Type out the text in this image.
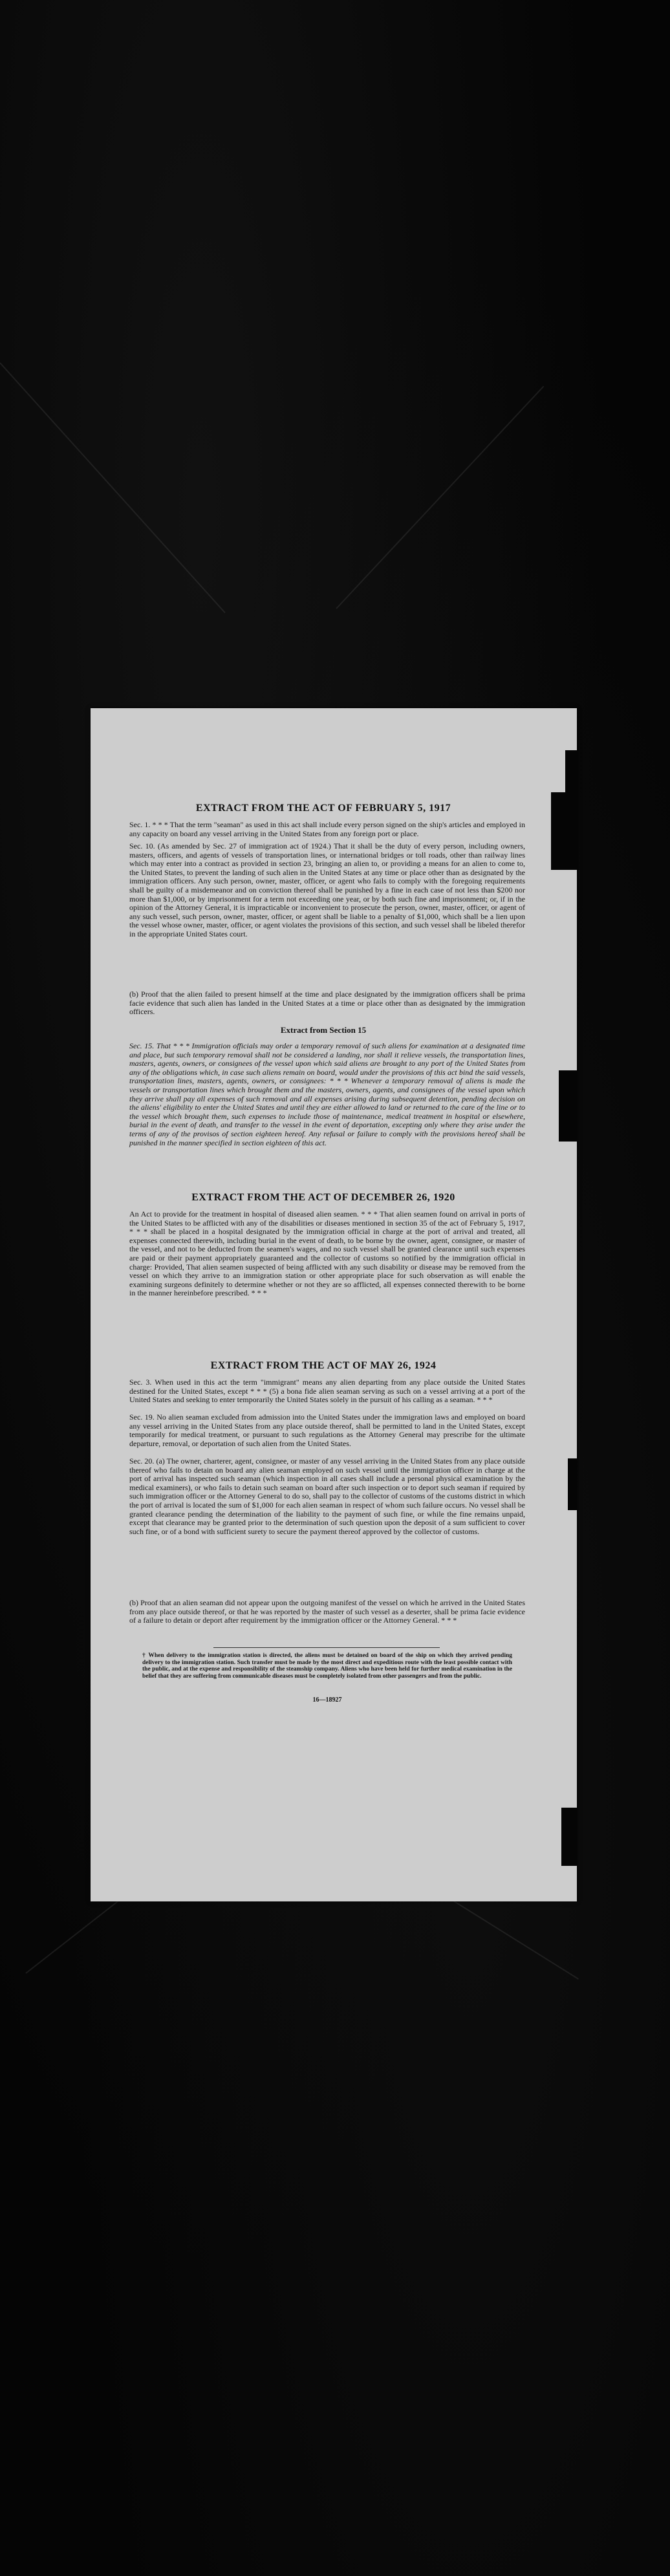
EXTRACT FROM THE ACT OF FEBRUARY 5, 1917

Sec. 1. * * * That the term "seaman" as used in this act shall include every person signed on the ship's articles and employed in any capacity on board any vessel arriving in the United States from any foreign port or place.

Sec. 10. (As amended by Sec. 27 of immigration act of 1924.) That it shall be the duty of every person, including owners, masters, officers, and agents of vessels of transportation lines, or international bridges or toll roads, other than railway lines which may enter into a contract as provided in section 23, bringing an alien to, or providing a means for an alien to come to, the United States, to prevent the landing of such alien in the United States at any time or place other than as designated by the immigration officers. Any such person, owner, master, officer, or agent who fails to comply with the foregoing requirements shall be guilty of a misdemeanor and on conviction thereof shall be punished by a fine in each case of not less than $200 nor more than $1,000, or by imprisonment for a term not exceeding one year, or by both such fine and imprisonment; or, if in the opinion of the Attorney General, it is impracticable or inconvenient to prosecute the person, owner, master, officer, or agent of any such vessel, such person, owner, master, officer, or agent shall be liable to a penalty of $1,000, which shall be a lien upon the vessel whose owner, master, officer, or agent violates the provisions of this section, and such vessel shall be libeled therefor in the appropriate United States court.

(b) Proof that the alien failed to present himself at the time and place designated by the immigration officers shall be prima facie evidence that such alien has landed in the United States at a time or place other than as designated by the immigration officers.

Extract from Section 15

Sec. 15. That * * * Immigration officials may order a temporary removal of such aliens for examination at a designated time and place, but such temporary removal shall not be considered a landing, nor shall it relieve vessels, the transportation lines, masters, agents, owners, or consignees of the vessel upon which said aliens are brought to any port of the United States from any of the obligations which, in case such aliens remain on board, would under the provisions of this act bind the said vessels, transportation lines, masters, agents, owners, or consignees: * * * Whenever a temporary removal of aliens is made the vessels or transportation lines which brought them and the masters, owners, agents, and consignees of the vessel upon which they arrive shall pay all expenses of such removal and all expenses arising during subsequent detention, pending decision on the aliens' eligibility to enter the United States and until they are either allowed to land or returned to the care of the line or to the vessel which brought them, such expenses to include those of maintenance, medical treatment in hospital or elsewhere, burial in the event of death, and transfer to the vessel in the event of deportation, excepting only where they arise under the terms of any of the provisos of section eighteen hereof. Any refusal or failure to comply with the provisions hereof shall be punished in the manner specified in section eighteen of this act.

EXTRACT FROM THE ACT OF DECEMBER 26, 1920

An Act to provide for the treatment in hospital of diseased alien seamen. * * * That alien seamen found on arrival in ports of the United States to be afflicted with any of the disabilities or diseases mentioned in section 35 of the act of February 5, 1917, * * * shall be placed in a hospital designated by the immigration official in charge at the port of arrival and treated, all expenses connected therewith, including burial in the event of death, to be borne by the owner, agent, consignee, or master of the vessel, and not to be deducted from the seamen's wages, and no such vessel shall be granted clearance until such expenses are paid or their payment appropriately guaranteed and the collector of customs so notified by the immigration official in charge: Provided, That alien seamen suspected of being afflicted with any such disability or disease may be removed from the vessel on which they arrive to an immigration station or other appropriate place for such observation as will enable the examining surgeons definitely to determine whether or not they are so afflicted, all expenses connected therewith to be borne in the manner hereinbefore prescribed. * * *

EXTRACT FROM THE ACT OF MAY 26, 1924

Sec. 3. When used in this act the term "immigrant" means any alien departing from any place outside the United States destined for the United States, except * * * (5) a bona fide alien seaman serving as such on a vessel arriving at a port of the United States and seeking to enter temporarily the United States solely in the pursuit of his calling as a seaman. * * *

Sec. 19. No alien seaman excluded from admission into the United States under the immigration laws and employed on board any vessel arriving in the United States from any place outside thereof, shall be permitted to land in the United States, except temporarily for medical treatment, or pursuant to such regulations as the Attorney General may prescribe for the ultimate departure, removal, or deportation of such alien from the United States.

Sec. 20. (a) The owner, charterer, agent, consignee, or master of any vessel arriving in the United States from any place outside thereof who fails to detain on board any alien seaman employed on such vessel until the immigration officer in charge at the port of arrival has inspected such seaman (which inspection in all cases shall include a personal physical examination by the medical examiners), or who fails to detain such seaman on board after such inspection or to deport such seaman if required by such immigration officer or the Attorney General to do so, shall pay to the collector of customs of the customs district in which the port of arrival is located the sum of $1,000 for each alien seaman in respect of whom such failure occurs. No vessel shall be granted clearance pending the determination of the liability to the payment of such fine, or while the fine remains unpaid, except that clearance may be granted prior to the determination of such question upon the deposit of a sum sufficient to cover such fine, or of a bond with sufficient surety to secure the payment thereof approved by the collector of customs.

(b) Proof that an alien seaman did not appear upon the outgoing manifest of the vessel on which he arrived in the United States from any place outside thereof, or that he was reported by the master of such vessel as a deserter, shall be prima facie evidence of a failure to detain or deport after requirement by the immigration officer or the Attorney General. * * *

† When delivery to the immigration station is directed, the aliens must be detained on board of the ship on which they arrived pending delivery to the immigration station. Such transfer must be made by the most direct and expeditious route with the least possible contact with the public, and at the expense and responsibility of the steamship company. Aliens who have been held for further medical examination in the belief that they are suffering from communicable diseases must be completely isolated from other passengers and from the public.
16—18927
